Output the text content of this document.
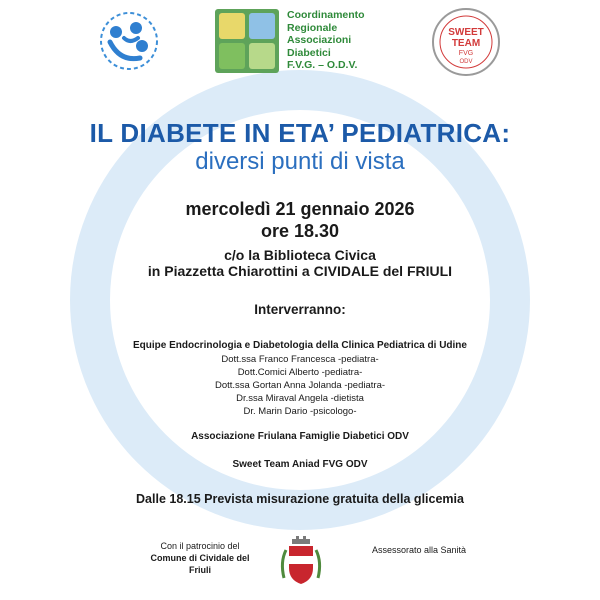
Coordinamento
Regionale
Associazioni
Diabetici
F.V.G. – O.D.V.
SWEET
TEAM
FVG
ODV
IL DIABETE IN ETA’ PEDIATRICA:
diversi punti di vista
mercoledì 21 gennaio 2026
ore 18.30
c/o la Biblioteca Civica
in Piazzetta Chiarottini a CIVIDALE del FRIULI
Interverranno:
Equipe Endocrinologia e Diabetologia della Clinica Pediatrica di Udine
Dott.ssa Franco Francesca -pediatra-
Dott.Comici Alberto -pediatra-
Dott.ssa Gortan Anna Jolanda -pediatra-
Dr.ssa Miraval Angela -dietista
Dr. Marin Dario -psicologo-
Associazione Friulana Famiglie Diabetici ODV
Sweet Team Aniad FVG ODV
Dalle 18.15 Prevista misurazione gratuita della glicemia
Con il patrocinio del
Comune di Cividale del
Friuli
Assessorato alla Sanità
